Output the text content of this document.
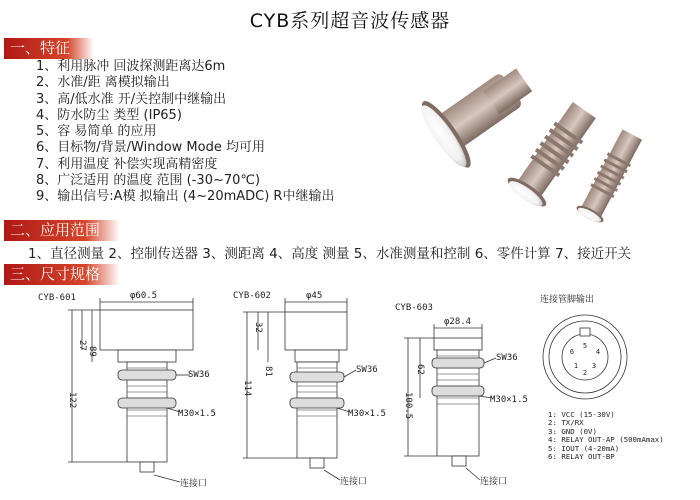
CYB系列超音波传感器
一、特征
1、利用脉冲 回波探测距离达6m
2、水准/距 离模拟输出
3、高/低水准 开/关控制中继输出
4、防水防尘 类型 (IP65)
5、容 易简单 的应用
6、目标物/背景/Window Mode 均可用
7、利用温度 补偿实现高精密度
8、广泛适用 的温度 范围 (-30~70℃)
9、输出信号:A模 拟输出 (4~20mADC) R中继输出
二、应用范围
1、直径测量 2、控制传送器 3、测距离 4、高度 测量 5、水准测量和控制 6、零件计算 7、接近开关
三、尺寸规格
CYB-601	φ60.5
SW36
M30×1.5
连接口
27
89
122
CYB-602	φ45
SW36
M30×1.5
连接口
32
81
114
CYB-603
φ28.4
SW36
M30×1.5
连接口
62
100.5
连接管脚输出
5
6	4
1 3
2
1: VCC (15-30V)
2: TX/RX
3: GND (0V)
4: RELAY OUT-AP (500mAmax)
5: IOUT (4-20mA)
6: RELAY OUT-BP
